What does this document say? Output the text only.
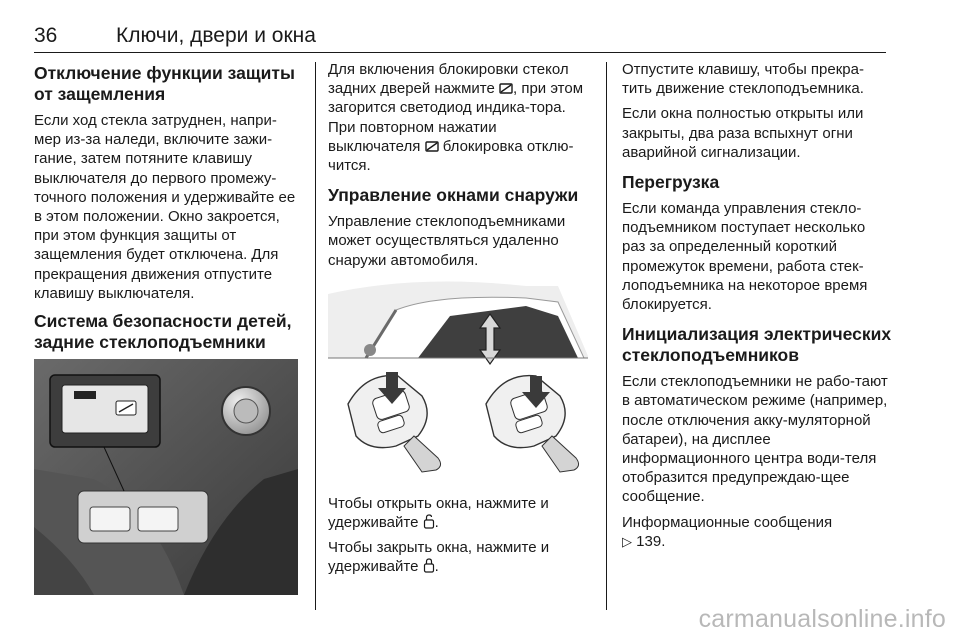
36	Ключи, двери и окна
Отключение функции защиты от защемления

Если ход стекла затруднен, напри-мер из-за наледи, включите зажи-гание, затем потяните клавишу выключателя до первого промежу-точного положения и удерживайте ее в этом положении. Окно закроется, при этом функция защиты от защемления будет отключена. Для прекращения движения отпустите клавишу выключателя.

Система безопасности детей, задние стеклоподъемники

Для включения блокировки стекол задних дверей нажмите , при этом загорится светодиод индика-тора. При повторном нажатии выключателя блокировка отклю-чится.

Управление окнами снаружи

Управление стеклоподъемниками может осуществляться удаленно снаружи автомобиля.

Чтобы открыть окна, нажмите и удерживайте .

Чтобы закрыть окна, нажмите и удерживайте .

Отпустите клавишу, чтобы прекра-тить движение стеклоподъемника.

Если окна полностью открыты или закрыты, два раза вспыхнут огни аварийной сигнализации.

Перегрузка

Если команда управления стекло-подъемником поступает несколько раз за определенный короткий промежуток времени, работа стек-лоподъемника на некоторое время блокируется.

Инициализация электрических стеклоподъемников

Если стеклоподъемники не рабо-тают в автоматическом режиме (например, после отключения акку-муляторной батареи), на дисплее информационного центра води-теля отобразится предупреждаю-щее сообщение.

Информационные сообщения
▷ 139.

carmanualsonline.info
